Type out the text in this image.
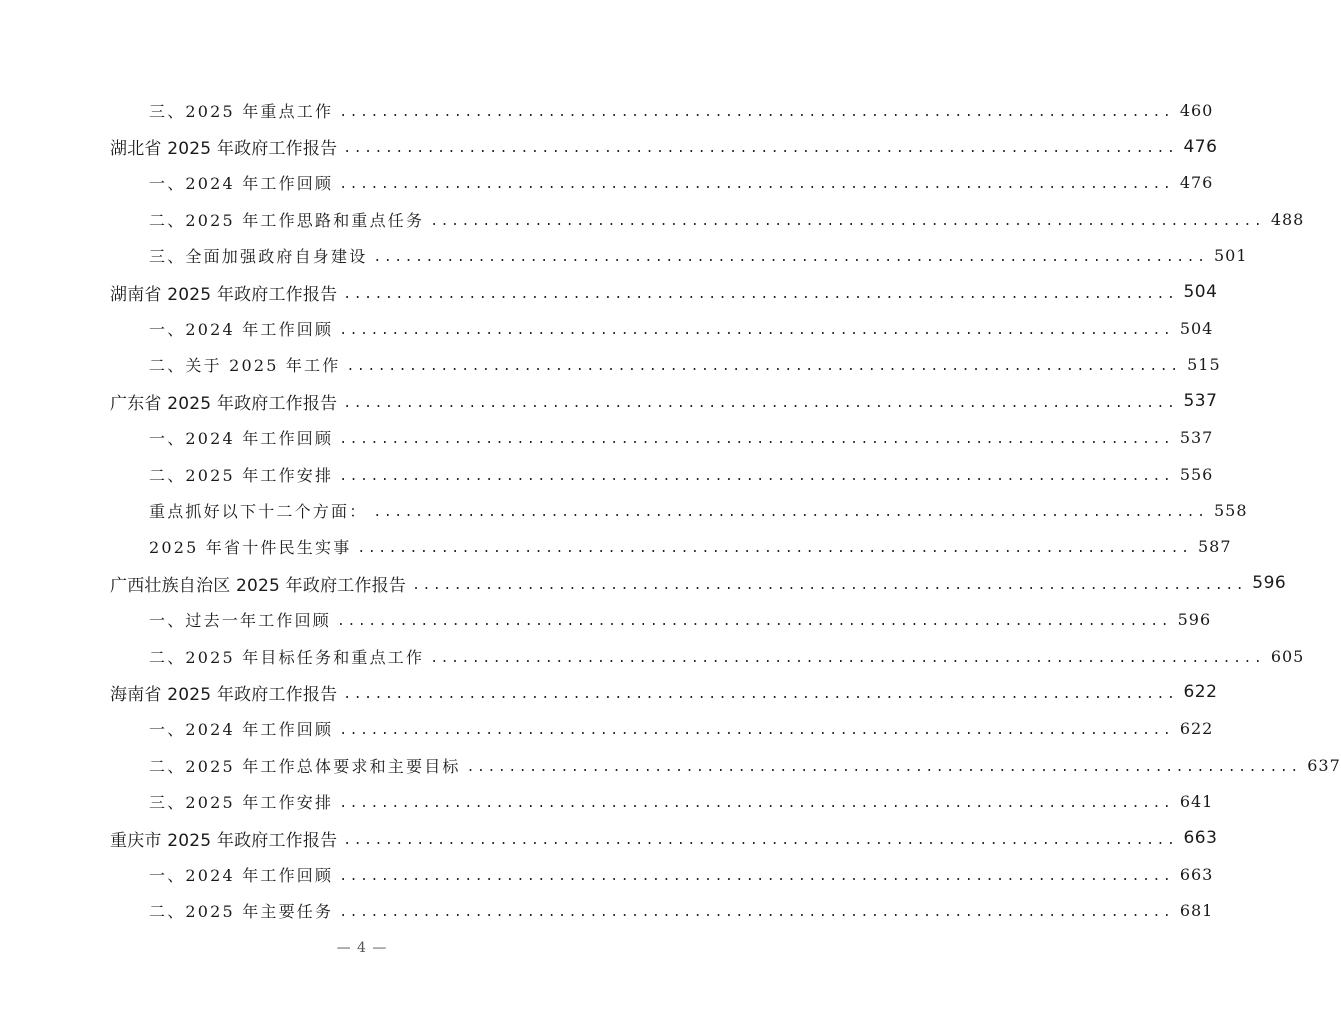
三、2025 年重点工作 ................................................................................ 460
湖北省 2025 年政府工作报告 ................................................................................ 476
一、2024 年工作回顾 ................................................................................ 476
二、2025 年工作思路和重点任务 ................................................................................ 488
三、全面加强政府自身建设 ................................................................................ 501
湖南省 2025 年政府工作报告 ................................................................................ 504
一、2024 年工作回顾 ................................................................................ 504
二、关于 2025 年工作 ................................................................................ 515
广东省 2025 年政府工作报告 ................................................................................ 537
一、2024 年工作回顾 ................................................................................ 537
二、2025 年工作安排 ................................................................................ 556
重点抓好以下十二个方面： ................................................................................ 558
2025 年省十件民生实事 ................................................................................ 587
广西壮族自治区 2025 年政府工作报告 ................................................................................ 596
一、过去一年工作回顾 ................................................................................ 596
二、2025 年目标任务和重点工作 ................................................................................ 605
海南省 2025 年政府工作报告 ................................................................................ 622
一、2024 年工作回顾 ................................................................................ 622
二、2025 年工作总体要求和主要目标 ................................................................................ 637
三、2025 年工作安排 ................................................................................ 641
重庆市 2025 年政府工作报告 ................................................................................ 663
一、2024 年工作回顾 ................................................................................ 663
二、2025 年主要任务 ................................................................................ 681
— 4 —
